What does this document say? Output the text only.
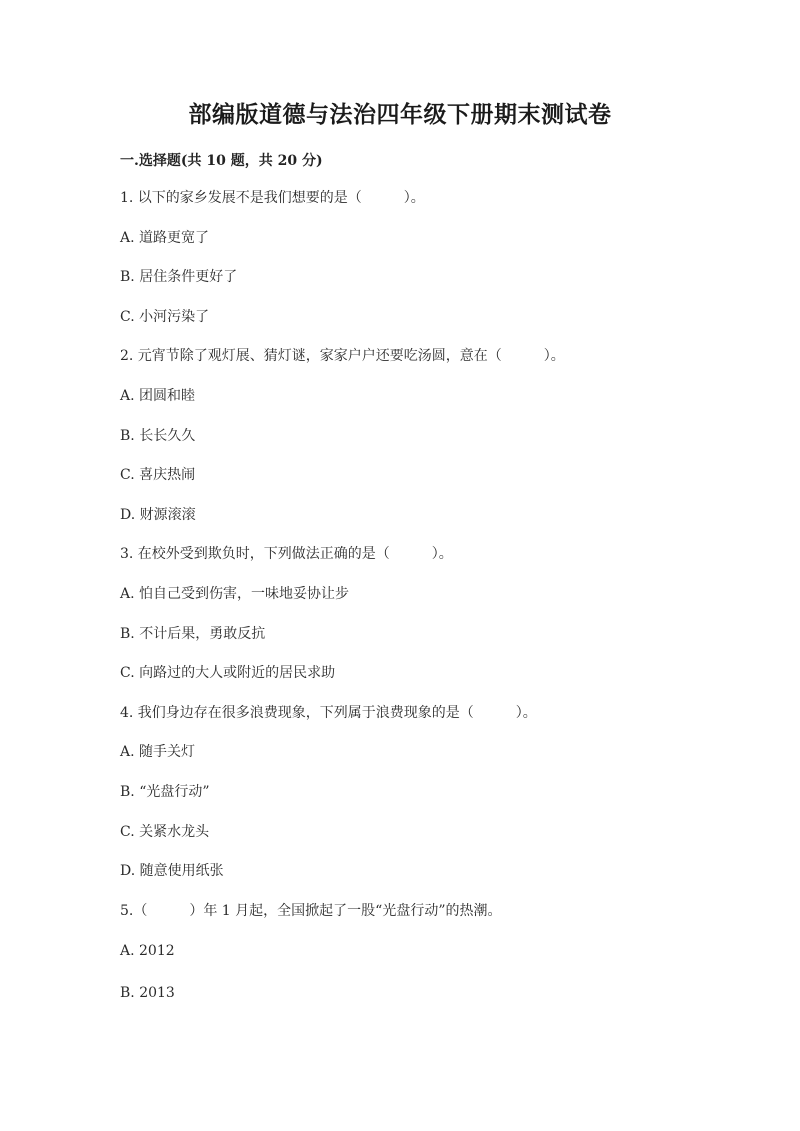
部编版道德与法治四年级下册期末测试卷
一.选择题(共 10 题，共 20 分)
1. 以下的家乡发展不是我们想要的是（　　　）。
A. 道路更宽了
B. 居住条件更好了
C. 小河污染了
2. 元宵节除了观灯展、猜灯谜，家家户户还要吃汤圆，意在（　　　）。
A. 团圆和睦
B. 长长久久
C. 喜庆热闹
D. 财源滚滚
3. 在校外受到欺负时，下列做法正确的是（　　　）。
A. 怕自己受到伤害，一味地妥协让步
B. 不计后果，勇敢反抗
C. 向路过的大人或附近的居民求助
4. 我们身边存在很多浪费现象，下列属于浪费现象的是（　　　）。
A. 随手关灯
B. “光盘行动”
C. 关紧水龙头
D. 随意使用纸张
5.（　　　）年 1 月起，全国掀起了一股“光盘行动”的热潮。
A. 2012
B. 2013
